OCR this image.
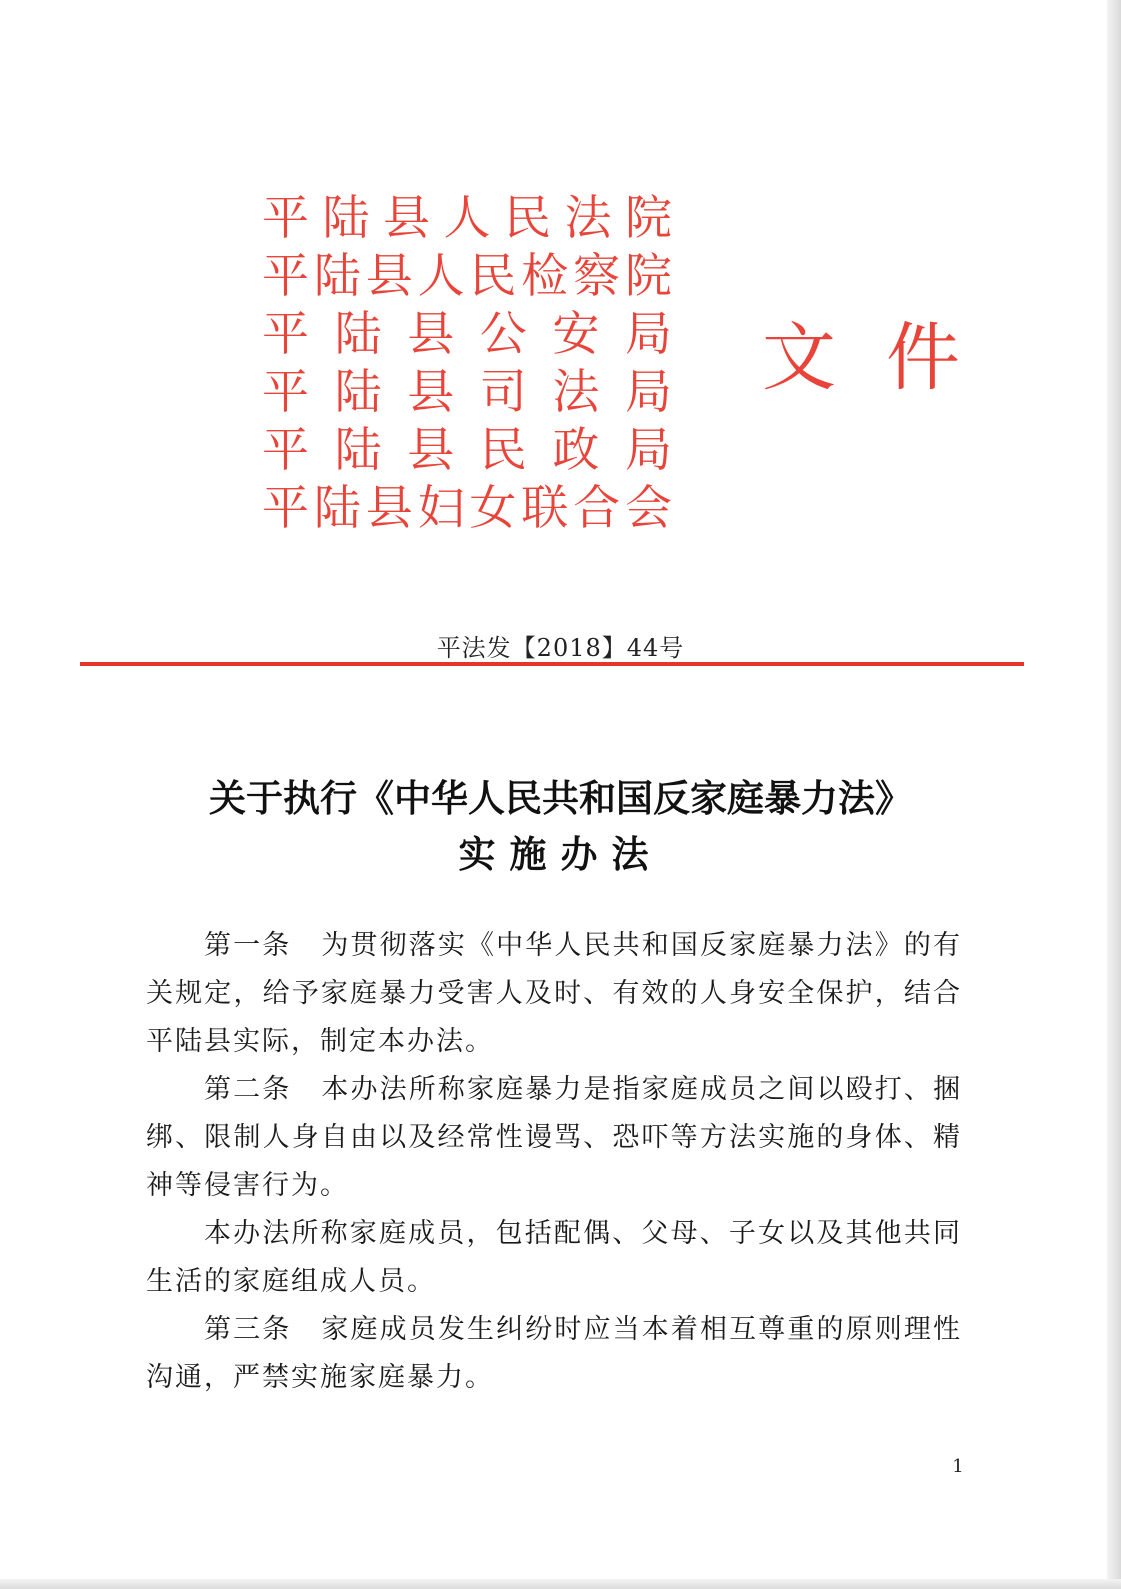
平陆县人民法院
平陆县人民检察院
平陆县公安局
平陆县司法局
平陆县民政局
平陆县妇女联合会
文件
平法发【2018】44号
关于执行《中华人民共和国反家庭暴力法》
实施办法

第一条 为贯彻落实《中华人民共和国反家庭暴力法》的有关规定，给予家庭暴力受害人及时、有效的人身安全保护，结合平陆县实际，制定本办法。

第二条 本办法所称家庭暴力是指家庭成员之间以殴打、捆绑、限制人身自由以及经常性谩骂、恐吓等方法实施的身体、精神等侵害行为。

本办法所称家庭成员，包括配偶、父母、子女以及其他共同生活的家庭组成人员。

第三条 家庭成员发生纠纷时应当本着相互尊重的原则理性沟通，严禁实施家庭暴力。

1
